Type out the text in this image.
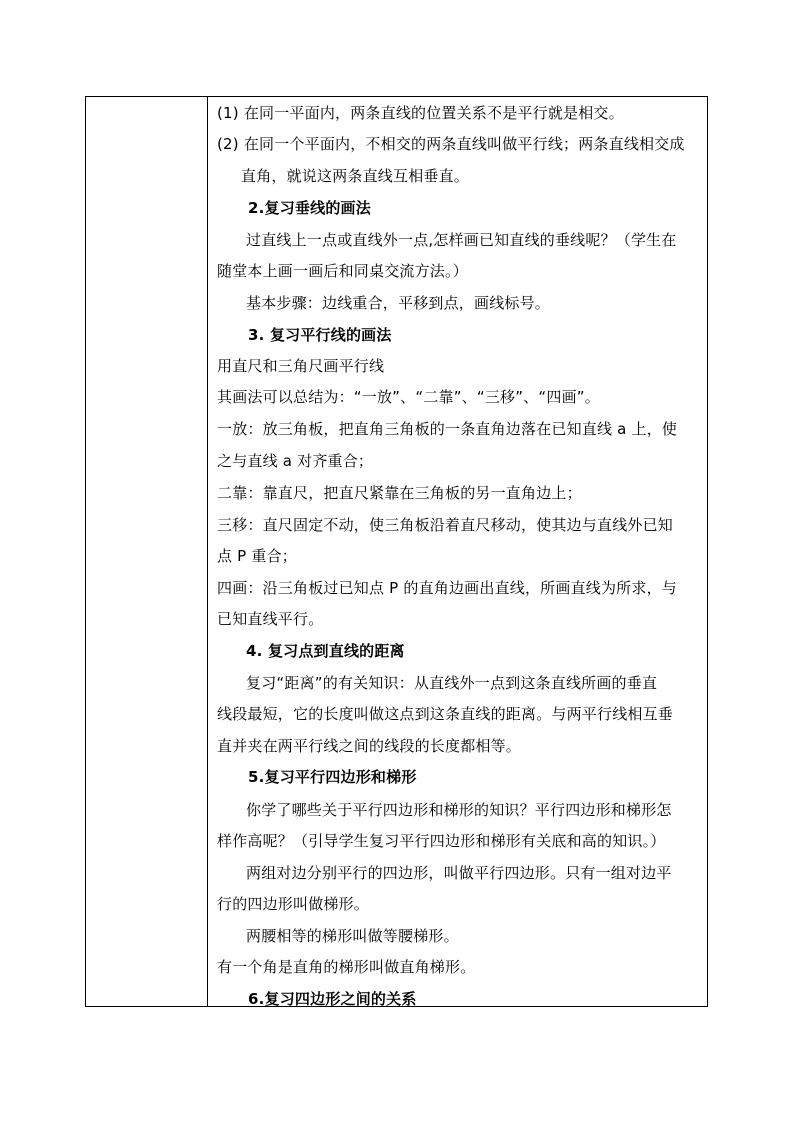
(1) 在同一平面内，两条直线的位置关系不是平行就是相交。
(2) 在同一个平面内，不相交的两条直线叫做平行线；两条直线相交成
直角，就说这两条直线互相垂直。
2.复习垂线的画法
过直线上一点或直线外一点,怎样画已知直线的垂线呢？（学生在
随堂本上画一画后和同桌交流方法。）
基本步骤：边线重合，平移到点，画线标号。
3. 复习平行线的画法
用直尺和三角尺画平行线
其画法可以总结为：“一放”、“二靠”、“三移”、“四画”。
一放：放三角板，把直角三角板的一条直角边落在已知直线 a 上，使
之与直线 a 对齐重合；
二靠：靠直尺，把直尺紧靠在三角板的另一直角边上；
三移：直尺固定不动，使三角板沿着直尺移动，使其边与直线外已知
点 P 重合；
四画：沿三角板过已知点 P 的直角边画出直线，所画直线为所求，与
已知直线平行。
4. 复习点到直线的距离
复习“距离”的有关知识：从直线外一点到这条直线所画的垂直
线段最短，它的长度叫做这点到这条直线的距离。与两平行线相互垂
直并夹在两平行线之间的线段的长度都相等。
5.复习平行四边形和梯形
你学了哪些关于平行四边形和梯形的知识？平行四边形和梯形怎
样作高呢？（引导学生复习平行四边形和梯形有关底和高的知识。）
两组对边分别平行的四边形，叫做平行四边形。只有一组对边平
行的四边形叫做梯形。
两腰相等的梯形叫做等腰梯形。
有一个角是直角的梯形叫做直角梯形。
6.复习四边形之间的关系
